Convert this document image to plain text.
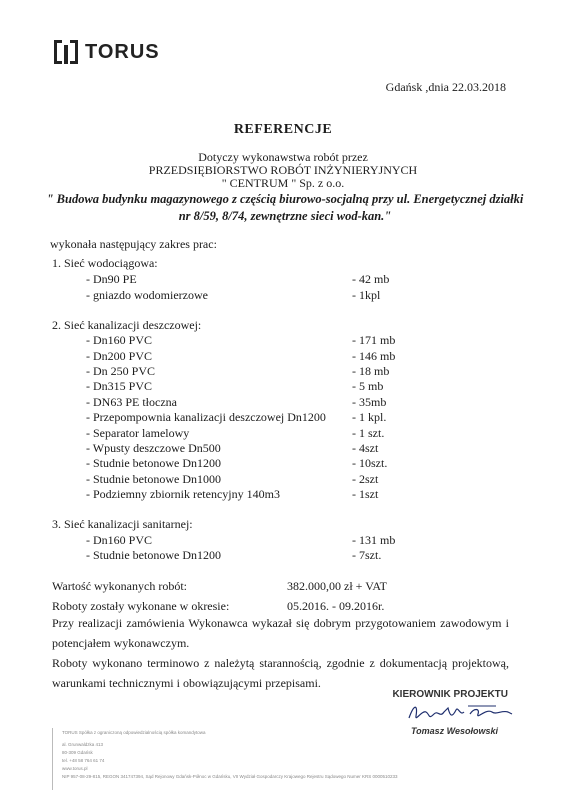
TORUS
Gdańsk ,dnia 22.03.2018
REFERENCJE
Dotyczy wykonawstwa robót przez
PRZEDSIĘBIORSTWO ROBÓT INŻYNIERYJNYCH
" CENTRUM " Sp. z o.o.
" Budowa budynku magazynowego z częścią biurowo-socjalną przy ul. Energetycznej działki
nr 8/59, 8/74, zewnętrzne sieci wod-kan."
wykonała następujący zakres prac:
1. Sieć wodociągowa:
- Dn90 PE	- 42 mb
- gniazdo wodomierzowe	- 1kpl
2. Sieć kanalizacji deszczowej:
- Dn160 PVC	- 171 mb
- Dn200 PVC	- 146 mb
- Dn 250 PVC	- 18 mb
- Dn315 PVC	- 5 mb
- DN63 PE tłoczna	- 35mb
- Przepompownia kanalizacji deszczowej Dn1200 - 1 kpl.
- Separator lamelowy	- 1 szt.
- Wpusty deszczowe Dn500	- 4szt
- Studnie betonowe Dn1200	- 10szt.
- Studnie betonowe Dn1000	- 2szt
- Podziemny zbiornik retencyjny 140m3	- 1szt
3. Sieć kanalizacji sanitarnej:
- Dn160 PVC	- 131 mb
- Studnie betonowe Dn1200	- 7szt.
Wartość wykonanych robót:	382.000,00 zł + VAT
Roboty zostały wykonane w okresie:	05.2016. - 09.2016r.
Przy realizacji zamówienia Wykonawca wykazał się dobrym przygotowaniem zawodowym i potencjałem wykonawczym.
Roboty wykonano terminowo z należytą starannością, zgodnie z dokumentacją projektową, warunkami technicznymi i obowiązującymi przepisami.
KIEROWNIK PROJEKTU
Tomasz Wesołowski
TORUS Spółka z ograniczoną odpowiedzialnością spółka komandytowa
al. Grunwaldzka 413
80-309 Gdańsk
tel. +48 58 764 61 74
www.torus.pl
NIP 957-08-29-815, REGON 341747394, Sąd Rejonowy Gdańsk-Północ w Gdańsku, VII Wydział Gospodarczy Krajowego Rejestru Sądowego Numer KRS 0000510233
